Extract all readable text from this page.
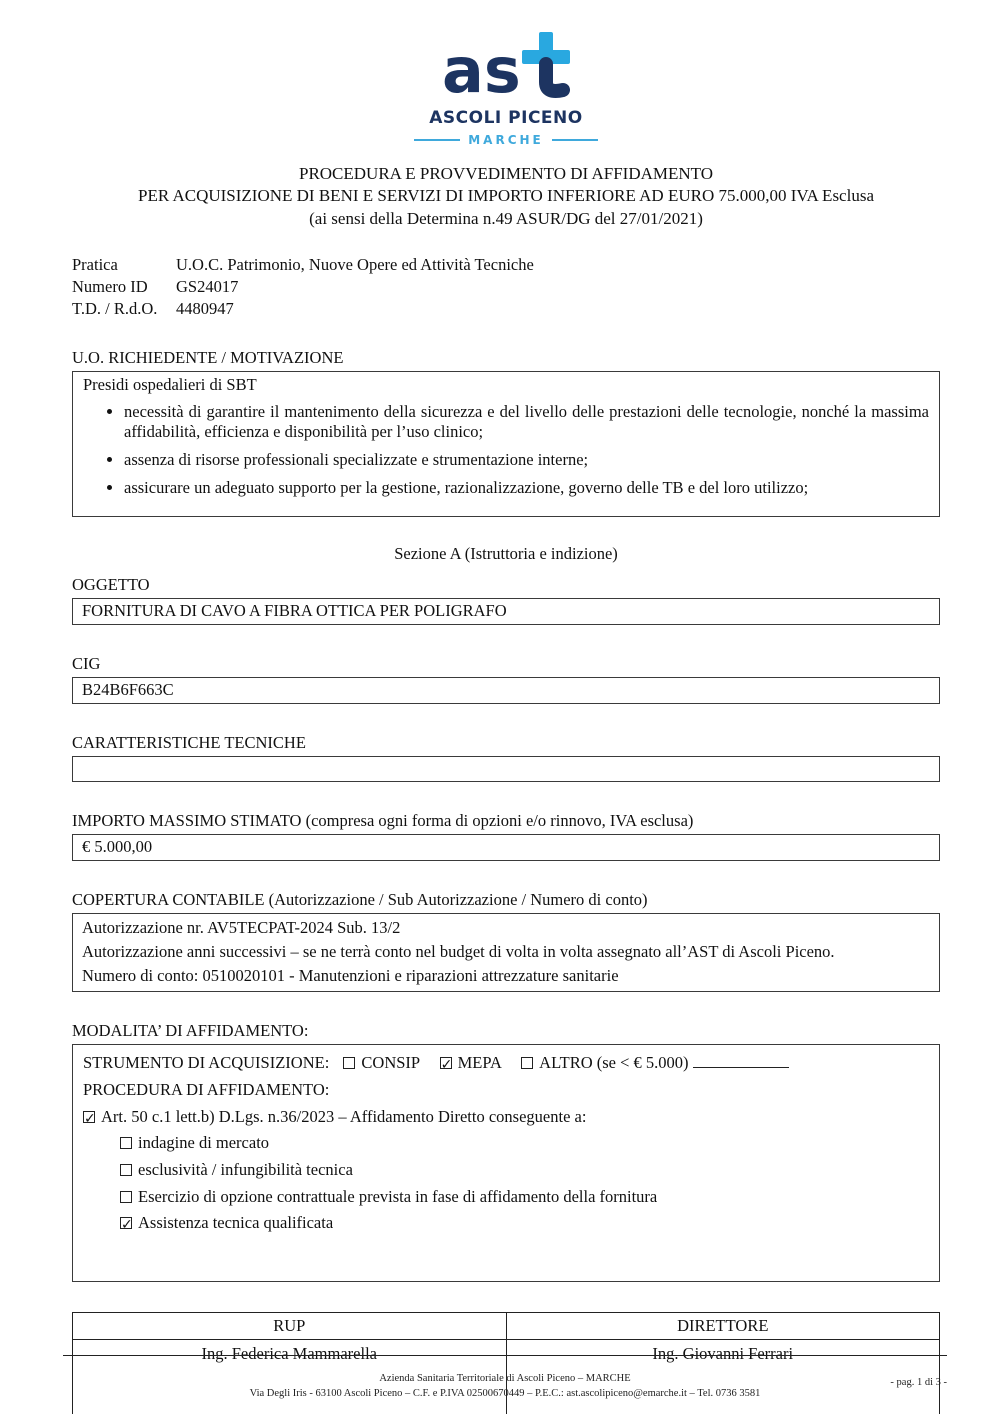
as
ASCOLI PICENO
MARCHE
PROCEDURA E PROVVEDIMENTO DI AFFIDAMENTO
PER ACQUISIZIONE DI BENI E SERVIZI DI IMPORTO INFERIORE AD EURO 75.000,00 IVA Esclusa
(ai sensi della Determina n.49 ASUR/DG del 27/01/2021)
Pratica	U.O.C. Patrimonio, Nuove Opere ed Attività Tecniche
Numero ID GS24017
T.D. / R.d.O. 4480947
U.O. RICHIEDENTE / MOTIVAZIONE
Presidi ospedalieri di SBT
• necessità di garantire il mantenimento della sicurezza e del livello delle prestazioni delle tecnologie, nonché la massima affidabilità, efficienza e disponibilità per l’uso clinico;
• assenza di risorse professionali specializzate e strumentazione interne;
• assicurare un adeguato supporto per la gestione, razionalizzazione, governo delle TB e del loro utilizzo;
Sezione A (Istruttoria e indizione)
OGGETTO
FORNITURA DI CAVO A FIBRA OTTICA PER POLIGRAFO
CIG
B24B6F663C
CARATTERISTICHE TECNICHE
IMPORTO MASSIMO STIMATO (compresa ogni forma di opzioni e/o rinnovo, IVA esclusa)
€ 5.000,00
COPERTURA CONTABILE (Autorizzazione / Sub Autorizzazione / Numero di conto)

Autorizzazione nr. AV5TECPAT-2024 Sub. 13/2

Autorizzazione anni successivi – se ne terrà conto nel budget di volta in volta assegnato all’AST di Ascoli Piceno.

Numero di conto: 0510020101 - Manutenzioni e riparazioni attrezzature sanitarie

MODALITA’ DI AFFIDAMENTO:
STRUMENTO DI ACQUISIZIONE: CONSIP ✓ MEPA ALTRO (se < € 5.000)
PROCEDURA DI AFFIDAMENTO:
✓Art. 50 c.1 lett.b) D.Lgs. n.36/2023 – Affidamento Diretto conseguente a:
indagine di mercato
esclusività / infungibilità tecnica
Esercizio di opzione contrattuale prevista in fase di affidamento della fornitura
✓Assistenza tecnica qualificata
RUP	DIRETTORE
Ing. Federica Mammarella	Ing. Giovanni Ferrari
Azienda Sanitaria Territoriale di Ascoli Piceno – MARCHE
Via Degli Iris - 63100 Ascoli Piceno – C.F. e P.IVA 02500670449 – P.E.C.: ast.ascolipiceno@emarche.it – Tel. 0736 3581
- pag. 1 di 3 -
